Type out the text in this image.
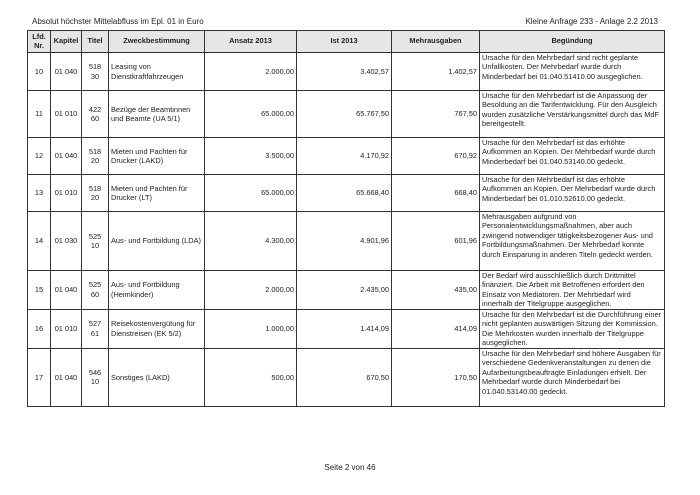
Absolut höchster Mittelabfluss im Epl. 01 in Euro	Kleine Anfrage 233 - Anlage 2.2 2013
Lfd. Nr.	Kapitel	Titel	Zweckbestimmung	Ansatz 2013	Ist 2013	Mehrausgaben	Begündung
10	01 040	518 30	Leasing von Dienstkraftfahrzeugen	2.000,00	3.402,57	1.402,57	Ursache für den Mehrbedarf sind nicht geplante Unfallkosten. Der Mehrbedarf wurde durch Minderbedarf bei 01.040.51410.00 ausgeglichen.
11	01 010	422 60	Bezüge der Beamtinnen und Beamte (UA 5/1)	65.000,00	65.767,50	767,50	Ursache für den Mehrbedarf ist die Anpassung der Besoldung an die Tarifentwicklung. Für den Ausgleich wurden zusätzliche Verstärkungsmittel durch das MdF bereitgestellt.
12	01 040	518 20	Mieten und Pachten für Drucker (LAKD)	3.500,00	4.170,92	670,92	Ursache für den Mehrbedarf ist das erhöhte Aufkommen an Kopien. Der Mehrbedarf wurde durch Minderbedarf bei 01.040.53140.00 gedeckt.
13	01 010	518 20	Mieten und Pachten für Drucker (LT)	65.000,00	65.668,40	668,40	Ursache für den Mehrbedarf ist das erhöhte Aufkommen an Kopien. Der Mehrbedarf wurde durch Minderbedarf bei 01.010.52610.00 gedeckt.
14	01 030	525 10	Aus- und Fortbildung (LDA)	4.300,00	4.901,96	601,96	Mehrausgaben aufgrund von Personalentwicklungsmaßnahmen, aber auch zwingend notwendiger tätigkeitsbezogener Aus- und Fortbildungsmaßnahmen. Der Mehrbedarf konnte durch Einsparung in anderen Titeln gedeckt werden.
15	01 040	525 60	Aus- und Fortbildung (Heimkinder)	2.000,00	2.435,00	435,00	Der Bedarf wird ausschließlich durch Drittmittel finanziert. Die Arbeit mit Betroffenen erfordert den Einsatz von Mediatoren. Der Mehrbedarf wird innerhalb der Titelgruppe ausgeglichen.
16	01 010	527 61	Reisekostenvergütung für Dienstreisen (EK 5/2)	1.000,00	1.414,09	414,09	Ursache für den Mehrbedarf ist die Durchführung einer nicht geplanten auswärtigen Sitzung der Kommission. Die Mehrkosten wurden innerhalb der Titelgruppe ausgeglichen.
17	01 040	546 10	Sonstiges (LAKD)	500,00	670,50	170,50	Ursache für den Mehrbedarf sind höhere Ausgaben für verschiedene Gedenkveranstaltungen zu denen die Aufarbeitungsbeauftragte Einladungen erhielt. Der Mehrbedarf wurde durch Minderbedarf bei 01.040.53140.00 gedeckt.
Seite 2 von 46
